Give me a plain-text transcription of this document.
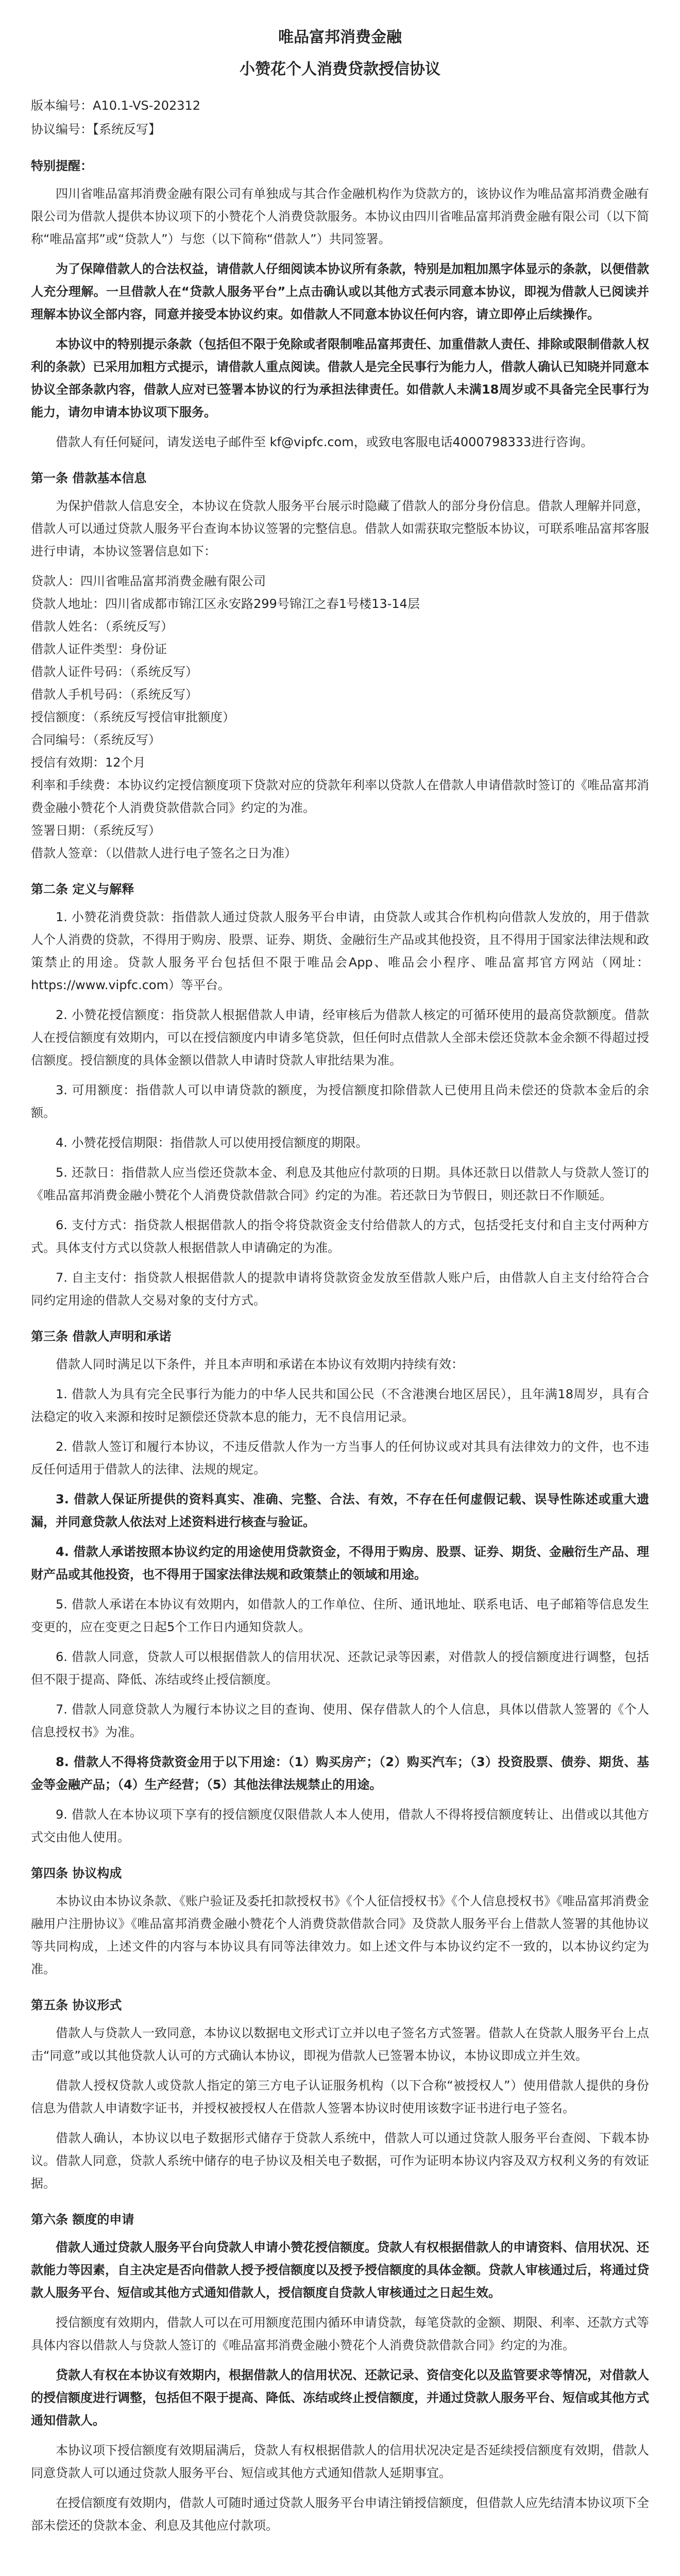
唯品富邦消费金融
小赞花个人消费贷款授信协议

版本编号：A10.1-VS-202312

协议编号：【系统反写】

特别提醒：

四川省唯品富邦消费金融有限公司有单独成与其合作金融机构作为贷款方的，该协议作为唯品富邦消费金融有限公司为借款人提供本协议项下的小赞花个人消费贷款服务。本协议由四川省唯品富邦消费金融有限公司（以下简称“唯品富邦”或“贷款人”）与您（以下简称“借款人”）共同签署。

为了保障借款人的合法权益，请借款人仔细阅读本协议所有条款，特别是加粗加黑字体显示的条款，以便借款人充分理解。一旦借款人在“贷款人服务平台”上点击确认或以其他方式表示同意本协议，即视为借款人已阅读并理解本协议全部内容，同意并接受本协议约束。如借款人不同意本协议任何内容，请立即停止后续操作。

本协议中的特别提示条款（包括但不限于免除或者限制唯品富邦责任、加重借款人责任、排除或限制借款人权利的条款）已采用加粗方式提示，请借款人重点阅读。借款人是完全民事行为能力人，借款人确认已知晓并同意本协议全部条款内容，借款人应对已签署本协议的行为承担法律责任。如借款人未满18周岁或不具备完全民事行为能力，请勿申请本协议项下服务。

借款人有任何疑问，请发送电子邮件至 kf@vipfc.com，或致电客服电话4000798333进行咨询。

第一条 借款基本信息

为保护借款人信息安全，本协议在贷款人服务平台展示时隐藏了借款人的部分身份信息。借款人理解并同意，借款人可以通过贷款人服务平台查询本协议签署的完整信息。借款人如需获取完整版本协议，可联系唯品富邦客服进行申请，本协议签署信息如下：

贷款人：四川省唯品富邦消费金融有限公司

贷款人地址：四川省成都市锦江区永安路299号锦江之春1号楼13-14层

借款人姓名：（系统反写）

借款人证件类型：身份证

借款人证件号码：（系统反写）

借款人手机号码：（系统反写）

授信额度：（系统反写授信审批额度）

合同编号：（系统反写）

授信有效期：12个月

利率和手续费：本协议约定授信额度项下贷款对应的贷款年利率以贷款人在借款人申请借款时签订的《唯品富邦消费金融小赞花个人消费贷款借款合同》约定的为准。

签署日期：（系统反写）

借款人签章：（以借款人进行电子签名之日为准）

第二条 定义与解释

1. 小赞花消费贷款：指借款人通过贷款人服务平台申请，由贷款人或其合作机构向借款人发放的，用于借款人个人消费的贷款，不得用于购房、股票、证券、期货、金融衍生产品或其他投资，且不得用于国家法律法规和政策禁止的用途。贷款人服务平台包括但不限于唯品会App、唯品会小程序、唯品富邦官方网站（网址：https://www.vipfc.com）等平台。

2. 小赞花授信额度：指贷款人根据借款人申请，经审核后为借款人核定的可循环使用的最高贷款额度。借款人在授信额度有效期内，可以在授信额度内申请多笔贷款，但任何时点借款人全部未偿还贷款本金余额不得超过授信额度。授信额度的具体金额以借款人申请时贷款人审批结果为准。

3. 可用额度：指借款人可以申请贷款的额度，为授信额度扣除借款人已使用且尚未偿还的贷款本金后的余额。

4. 小赞花授信期限：指借款人可以使用授信额度的期限。

5. 还款日：指借款人应当偿还贷款本金、利息及其他应付款项的日期。具体还款日以借款人与贷款人签订的《唯品富邦消费金融小赞花个人消费贷款借款合同》约定的为准。若还款日为节假日，则还款日不作顺延。

6. 支付方式：指贷款人根据借款人的指令将贷款资金支付给借款人的方式，包括受托支付和自主支付两种方式。具体支付方式以贷款人根据借款人申请确定的为准。

7. 自主支付：指贷款人根据借款人的提款申请将贷款资金发放至借款人账户后，由借款人自主支付给符合合同约定用途的借款人交易对象的支付方式。

第三条 借款人声明和承诺

借款人同时满足以下条件，并且本声明和承诺在本协议有效期内持续有效：

1. 借款人为具有完全民事行为能力的中华人民共和国公民（不含港澳台地区居民），且年满18周岁，具有合法稳定的收入来源和按时足额偿还贷款本息的能力，无不良信用记录。

2. 借款人签订和履行本协议，不违反借款人作为一方当事人的任何协议或对其具有法律效力的文件，也不违反任何适用于借款人的法律、法规的规定。

3. 借款人保证所提供的资料真实、准确、完整、合法、有效，不存在任何虚假记载、误导性陈述或重大遗漏，并同意贷款人依法对上述资料进行核查与验证。

4. 借款人承诺按照本协议约定的用途使用贷款资金，不得用于购房、股票、证券、期货、金融衍生产品、理财产品或其他投资，也不得用于国家法律法规和政策禁止的领域和用途。

5. 借款人承诺在本协议有效期内，如借款人的工作单位、住所、通讯地址、联系电话、电子邮箱等信息发生变更的，应在变更之日起5个工作日内通知贷款人。

6. 借款人同意，贷款人可以根据借款人的信用状况、还款记录等因素，对借款人的授信额度进行调整，包括但不限于提高、降低、冻结或终止授信额度。

7. 借款人同意贷款人为履行本协议之目的查询、使用、保存借款人的个人信息，具体以借款人签署的《个人信息授权书》为准。

8. 借款人不得将贷款资金用于以下用途：（1）购买房产；（2）购买汽车；（3）投资股票、债券、期货、基金等金融产品；（4）生产经营；（5）其他法律法规禁止的用途。

9. 借款人在本协议项下享有的授信额度仅限借款人本人使用，借款人不得将授信额度转让、出借或以其他方式交由他人使用。

第四条 协议构成

本协议由本协议条款、《账户验证及委托扣款授权书》《个人征信授权书》《个人信息授权书》《唯品富邦消费金融用户注册协议》《唯品富邦消费金融小赞花个人消费贷款借款合同》及贷款人服务平台上借款人签署的其他协议等共同构成，上述文件的内容与本协议具有同等法律效力。如上述文件与本协议约定不一致的，以本协议约定为准。

第五条 协议形式

借款人与贷款人一致同意，本协议以数据电文形式订立并以电子签名方式签署。借款人在贷款人服务平台上点击“同意”或以其他贷款人认可的方式确认本协议，即视为借款人已签署本协议，本协议即成立并生效。

借款人授权贷款人或贷款人指定的第三方电子认证服务机构（以下合称“被授权人”）使用借款人提供的身份信息为借款人申请数字证书，并授权被授权人在借款人签署本协议时使用该数字证书进行电子签名。

借款人确认，本协议以电子数据形式储存于贷款人系统中，借款人可以通过贷款人服务平台查阅、下载本协议。借款人同意，贷款人系统中储存的电子协议及相关电子数据，可作为证明本协议内容及双方权利义务的有效证据。

第六条 额度的申请

借款人通过贷款人服务平台向贷款人申请小赞花授信额度。贷款人有权根据借款人的申请资料、信用状况、还款能力等因素，自主决定是否向借款人授予授信额度以及授予授信额度的具体金额。贷款人审核通过后，将通过贷款人服务平台、短信或其他方式通知借款人，授信额度自贷款人审核通过之日起生效。

授信额度有效期内，借款人可以在可用额度范围内循环申请贷款，每笔贷款的金额、期限、利率、还款方式等具体内容以借款人与贷款人签订的《唯品富邦消费金融小赞花个人消费贷款借款合同》约定的为准。

贷款人有权在本协议有效期内，根据借款人的信用状况、还款记录、资信变化以及监管要求等情况，对借款人的授信额度进行调整，包括但不限于提高、降低、冻结或终止授信额度，并通过贷款人服务平台、短信或其他方式通知借款人。

本协议项下授信额度有效期届满后，贷款人有权根据借款人的信用状况决定是否延续授信额度有效期，借款人同意贷款人可以通过贷款人服务平台、短信或其他方式通知借款人延期事宜。

在授信额度有效期内，借款人可随时通过贷款人服务平台申请注销授信额度，但借款人应先结清本协议项下全部未偿还的贷款本金、利息及其他应付款项。
